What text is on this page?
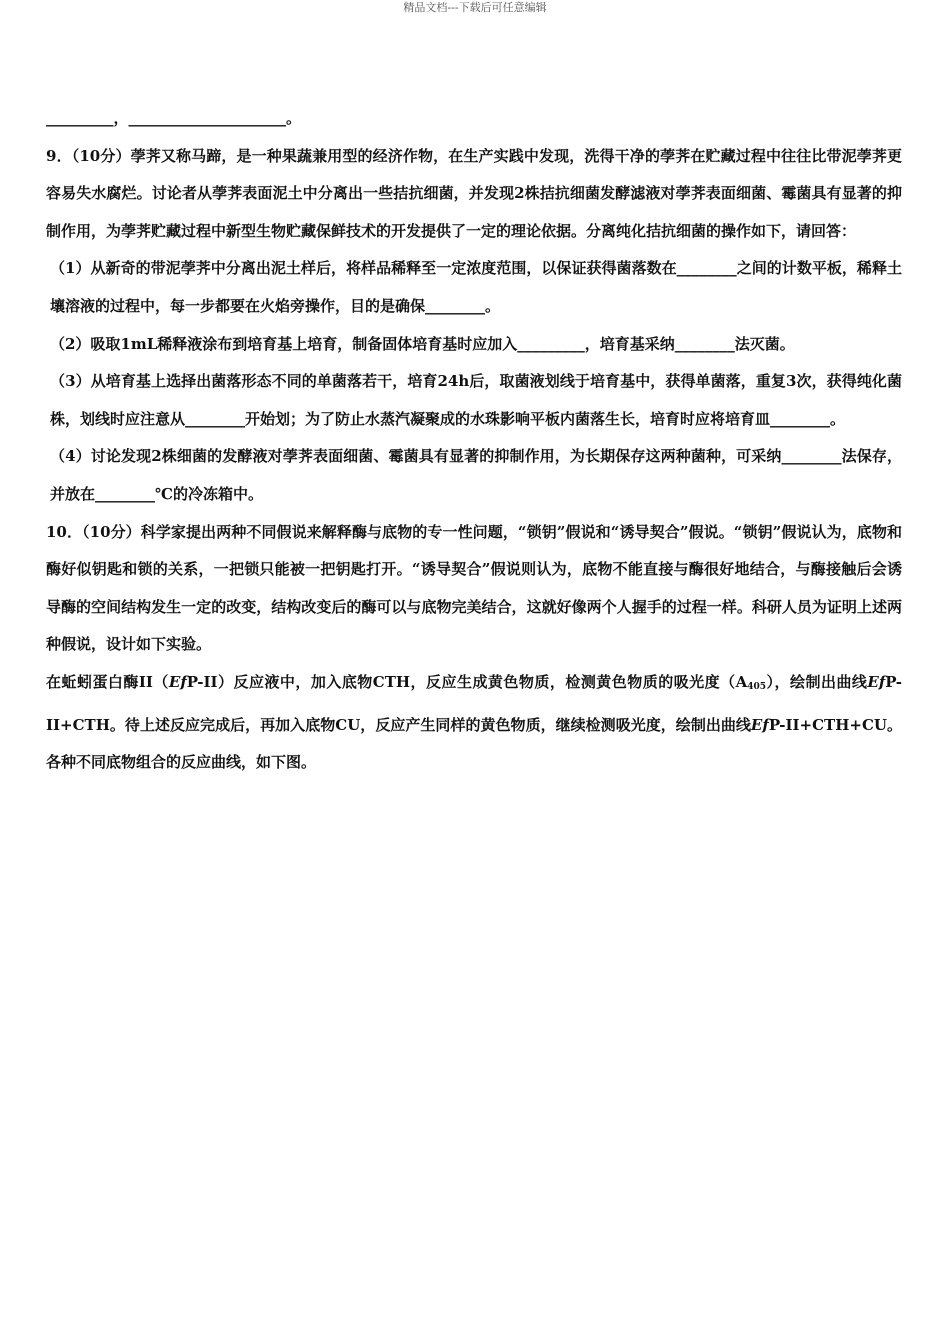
精品文档---下载后可任意编辑

_________，_____________________。

9．（10分）荸荠又称马蹄，是一种果蔬兼用型的经济作物，在生产实践中发现，洗得干净的荸荠在贮藏过程中往往比带泥荸荠更容易失水腐烂。讨论者从荸荠表面泥土中分离出一些拮抗细菌，并发现2株拮抗细菌发酵滤液对荸荠表面细菌、霉菌具有显著的抑制作用，为荸荠贮藏过程中新型生物贮藏保鲜技术的开发提供了一定的理论依据。分离纯化拮抗细菌的操作如下，请回答：

（1）从新奇的带泥荸荠中分离出泥土样后，将样品稀释至一定浓度范围，以保证获得菌落数在________之间的计数平板，稀释土壤溶液的过程中，每一步都要在火焰旁操作，目的是确保________。

（2）吸取1mL稀释液涂布到培育基上培育，制备固体培育基时应加入_________，培育基采纳________法灭菌。

（3）从培育基上选择出菌落形态不同的单菌落若干，培育24h后，取菌液划线于培育基中，获得单菌落，重复3次，获得纯化菌株，划线时应注意从________开始划；为了防止水蒸汽凝聚成的水珠影响平板内菌落生长，培育时应将培育皿________。

（4）讨论发现2株细菌的发酵液对荸荠表面细菌、霉菌具有显著的抑制作用，为长期保存这两种菌种，可采纳________法保存，并放在________℃的冷冻箱中。

10．（10分）科学家提出两种不同假说来解释酶与底物的专一性问题，“锁钥”假说和“诱导契合”假说。“锁钥”假说认为，底物和酶好似钥匙和锁的关系，一把锁只能被一把钥匙打开。“诱导契合”假说则认为，底物不能直接与酶很好地结合，与酶接触后会诱导酶的空间结构发生一定的改变，结构改变后的酶可以与底物完美结合，这就好像两个人握手的过程一样。科研人员为证明上述两种假说，设计如下实验。

在蚯蚓蛋白酶II（EfP-II）反应液中，加入底物CTH，反应生成黄色物质，检测黄色物质的吸光度$(A_{405})$，绘制出曲线EfP-II+CTH。待上述反应完成后，再加入底物CU，反应产生同样的黄色物质，继续检测吸光度，绘制出曲线EfP-II+CTH+CU。各种不同底物组合的反应曲线，如下图。
